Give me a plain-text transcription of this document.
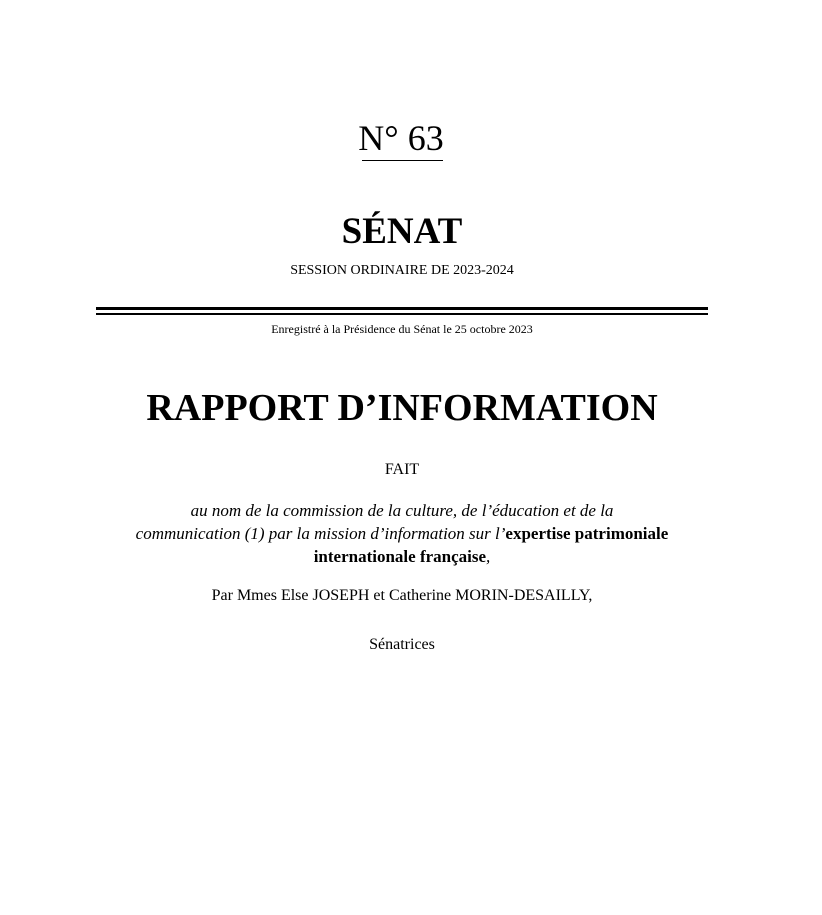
N° 63
SÉNAT
SESSION ORDINAIRE DE 2023-2024
Enregistré à la Présidence du Sénat le 25 octobre 2023
RAPPORT D’INFORMATION
FAIT
au nom de la commission de la culture, de l’éducation et de la
communication (1) par la mission d’information sur l’expertise patrimoniale
internationale française,
Par Mmes Else JOSEPH et Catherine MORIN-DESAILLY,
Sénatrices
